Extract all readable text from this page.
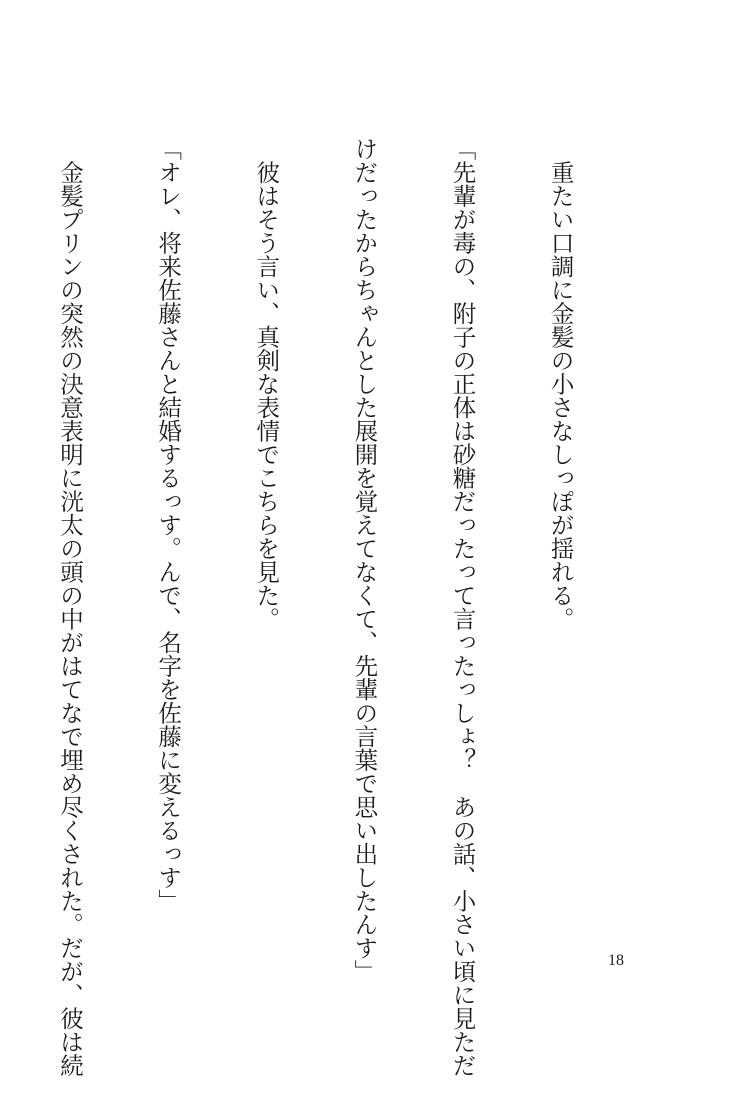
　重たい口調に金髪の小さなしっぽが揺れる。

「先輩が毒の、附子の正体は砂糖だったって言ったっしょ？　あの話、小さい頃に見ただ

けだったからちゃんとした展開を覚えてなくて、先輩の言葉で思い出したんす」

　彼はそう言い、真剣な表情でこちらを見た。

「オレ、将来佐藤さんと結婚するっす。んで、名字を佐藤に変えるっす」

　金髪プリンの突然の決意表明に洸太の頭の中がはてなで埋め尽くされた。だが、彼は続

	18
